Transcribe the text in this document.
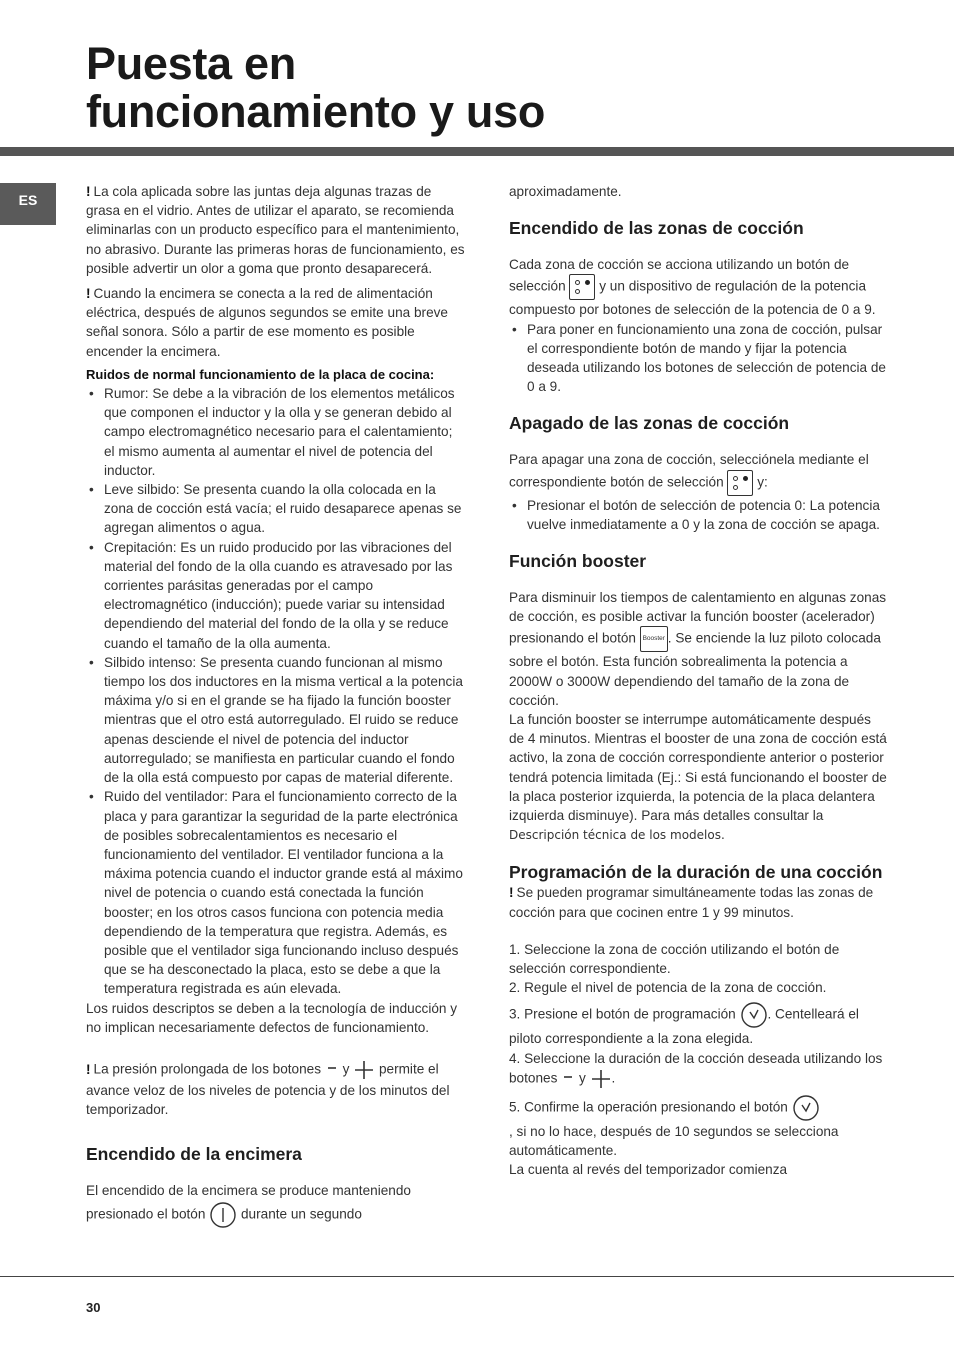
Puesta en
funcionamiento y uso
ES

! La cola aplicada sobre las juntas deja algunas trazas de grasa en el vidrio. Antes de utilizar el aparato, se recomienda eliminarlas con un producto específico para el mantenimiento, no abrasivo. Durante las primeras horas de funcionamiento, es posible advertir un olor a goma que pronto desaparecerá.

! Cuando la encimera se conecta a la red de alimentación eléctrica, después de algunos segundos se emite una breve señal sonora. Sólo a partir de ese momento es posible encender la encimera.

Ruidos de normal funcionamiento de la placa de cocina:

• Rumor: Se debe a la vibración de los elementos metálicos que componen el inductor y la olla y se generan debido al campo electromagnético necesario para el calentamiento; el mismo aumenta al aumentar el nivel de potencia del inductor.
• Leve silbido: Se presenta cuando la olla colocada en la zona de cocción está vacía; el ruido desaparece apenas se agregan alimentos o agua.
• Crepitación: Es un ruido producido por las vibraciones del material del fondo de la olla cuando es atravesado por las corrientes parásitas generadas por el campo electromagnético (inducción); puede variar su intensidad dependiendo del material del fondo de la olla y se reduce cuando el tamaño de la olla aumenta.
• Silbido intenso: Se presenta cuando funcionan al mismo tiempo los dos inductores en la misma vertical a la potencia máxima y/o si en el grande se ha fijado la función booster mientras que el otro está autorregulado. El ruido se reduce apenas desciende el nivel de potencia del inductor autorregulado; se manifiesta en particular cuando el fondo de la olla está compuesto por capas de material diferente.
• Ruido del ventilador: Para el funcionamiento correcto de la placa y para garantizar la seguridad de la parte electrónica de posibles sobrecalentamientos es necesario el funcionamiento del ventilador. El ventilador funciona a la máxima potencia cuando el inductor grande está al máximo nivel de potencia o cuando está conectada la función booster; en los otros casos funciona con potencia media dependiendo de la temperatura que registra. Además, es posible que el ventilador siga funcionando incluso después que se ha desconectado la placa, esto se debe a que la temperatura registrada es aún elevada.

Los ruidos descriptos se deben a la tecnología de inducción y no implican necesariamente defectos de funcionamiento.

! La presión prolongada de los botones y permite el avance veloz de los niveles de potencia y de los minutos del temporizador.

Encendido de la encimera

El encendido de la encimera se produce manteniendo presionado el botón	durante un segundo

aproximadamente.

Encendido de las zonas de cocción

Cada zona de cocción se acciona utilizando un botón de selección y un dispositivo de regulación de la potencia compuesto por botones de selección de la potencia de 0 a 9.

• Para poner en funcionamiento una zona de cocción, pulsar el correspondiente botón de mando y fijar la potencia deseada utilizando los botones de selección de potencia de 0 a 9.
Apagado de las zonas de cocción

Para apagar una zona de cocción, selecciónela mediante el correspondiente botón de selección y:

• Presionar el botón de selección de potencia 0: La potencia vuelve inmediatamente a 0 y la zona de cocción se apaga.
Función booster

Para disminuir los tiempos de calentamiento en algunas zonas de cocción, es posible activar la función booster (acelerador) presionando el botón Booster . Se enciende la luz piloto colocada sobre el botón. Esta función sobrealimenta la potencia a 2000W o 3000W dependiendo del tamaño de la zona de cocción.

La función booster se interrumpe automáticamente después de 4 minutos. Mientras el booster de una zona de cocción está activo, la zona de cocción correspondiente anterior o posterior tendrá potencia limitada (Ej.: Si está funcionando el booster de la placa posterior izquierda, la potencia de la placa delantera izquierda disminuye). Para más detalles consultar la Descripción técnica de los modelos.

Programación de la duración de una cocción

! Se pueden programar simultáneamente todas las zonas de cocción para que cocinen entre 1 y 99 minutos.

1. Seleccione la zona de cocción utilizando el botón de selección correspondiente.

2. Regule el nivel de potencia de la zona de cocción.

3. Presione el botón de programación . Centelleará el piloto correspondiente a la zona elegida.

4. Seleccione la duración de la cocción deseada utilizando los botones y .

5. Confirme la operación presionando el botón
, si no lo hace, después de 10 segundos se selecciona automáticamente.

La cuenta al revés del temporizador comienza

30
